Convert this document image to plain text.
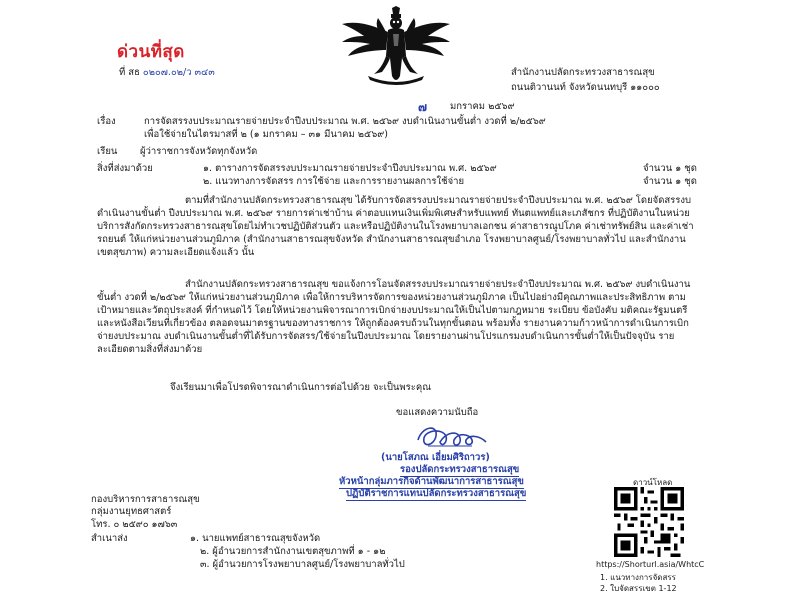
ด่วนที่สุด
ที่ สธ ๐๒๐๗.๐๒/ว ๓๔๓	สำนักงานปลัดกระทรวงสาธารณสุข
ถนนติวานนท์ จังหวัดนนทบุรี ๑๑๐๐๐
๗ มกราคม ๒๕๖๙
เรื่อง	การจัดสรรงบประมาณรายจ่ายประจำปีงบประมาณ พ.ศ. ๒๕๖๙ งบดำเนินงานขั้นต่ำ งวดที่ ๒/๒๕๖๙
เพื่อใช้จ่ายในไตรมาสที่ ๒ (๑ มกราคม – ๓๑ มีนาคม ๒๕๖๙)
เรียน ผู้ว่าราชการจังหวัดทุกจังหวัด
สิ่งที่ส่งมาด้วย	๑. ตารางการจัดสรรงบประมาณรายจ่ายประจำปีงบประมาณ พ.ศ. ๒๕๖๙	จำนวน ๑ ชุด
๒. แนวทางการจัดสรร การใช้จ่าย และการรายงานผลการใช้จ่าย	จำนวน ๑ ชุด
ตามที่สำนักงานปลัดกระทรวงสาธารณสุข ได้รับการจัดสรรงบประมาณรายจ่ายประจำปีงบประมาณ พ.ศ. ๒๕๖๙ โดยจัดสรรงบดำเนินงานขั้นต่ำ ปีงบประมาณ พ.ศ. ๒๕๖๙ รายการค่าเช่าบ้าน ค่าตอบแทนเงินเพิ่มพิเศษสำหรับแพทย์ ทันตแพทย์และเภสัชกร ที่ปฏิบัติงานในหน่วยบริการสังกัดกระทรวงสาธารณสุขโดยไม่ทำเวชปฏิบัติส่วนตัว และหรือปฏิบัติงานในโรงพยาบาลเอกชน ค่าสาธารณูปโภค ค่าเช่าทรัพย์สิน และค่าเช่ารถยนต์ ให้แก่หน่วยงานส่วนภูมิภาค (สำนักงานสาธารณสุขจังหวัด สำนักงานสาธารณสุขอำเภอ โรงพยาบาลศูนย์/โรงพยาบาลทั่วไป และสำนักงานเขตสุขภาพ) ความละเอียดแจ้งแล้ว นั้น
สำนักงานปลัดกระทรวงสาธารณสุข ขอแจ้งการโอนจัดสรรงบประมาณรายจ่ายประจำปีงบประมาณ พ.ศ. ๒๕๖๙ งบดำเนินงานขั้นต่ำ งวดที่ ๒/๒๕๖๙ ให้แก่หน่วยงานส่วนภูมิภาค เพื่อให้การบริหารจัดการของหน่วยงานส่วนภูมิภาค เป็นไปอย่างมีคุณภาพและประสิทธิภาพ ตามเป้าหมายและวัตถุประสงค์ ที่กำหนดไว้ โดยให้หน่วยงานพิจารณาการเบิกจ่ายงบประมาณให้เป็นไปตามกฎหมาย ระเบียบ ข้อบังคับ มติคณะรัฐมนตรี และหนังสือเวียนที่เกี่ยวข้อง ตลอดจนมาตรฐานของทางราชการ ให้ถูกต้องครบถ้วนในทุกขั้นตอน พร้อมทั้ง รายงานความก้าวหน้าการดำเนินการเบิกจ่ายงบประมาณ งบดำเนินงานขั้นต่ำที่ได้รับการจัดสรร/ใช้จ่ายในปีงบประมาณ โดยรายงานผ่านโปรแกรมงบดำเนินการขั้นต่ำให้เป็นปัจจุบัน รายละเอียดตามสิ่งที่ส่งมาด้วย
จึงเรียนมาเพื่อโปรดพิจารณาดำเนินการต่อไปด้วย จะเป็นพระคุณ
ขอแสดงความนับถือ
(นายโสภณ เอี่ยมศิริถาวร)
รองปลัดกระทรวงสาธารณสุข
หัวหน้ากลุ่มภารกิจด้านพัฒนาการสาธารณสุข
ปฏิบัติราชการแทนปลัดกระทรวงสาธารณสุข
กองบริหารการสาธารณสุข
กลุ่มงานยุทธศาสตร์
โทร. ๐ ๒๕๙๐ ๑๗๖๓
สำเนาส่ง	๑. นายแพทย์สาธารณสุขจังหวัด
๒. ผู้อำนวยการสำนักงานเขตสุขภาพที่ ๑ - ๑๒
๓. ผู้อำนวยการโรงพยาบาลศูนย์/โรงพยาบาลทั่วไป
ดาวน์โหลด
https://Shorturl.asia/WhtcC
1. แนวทางการจัดสรร
2. ใบจัดสรรเขต 1-12
